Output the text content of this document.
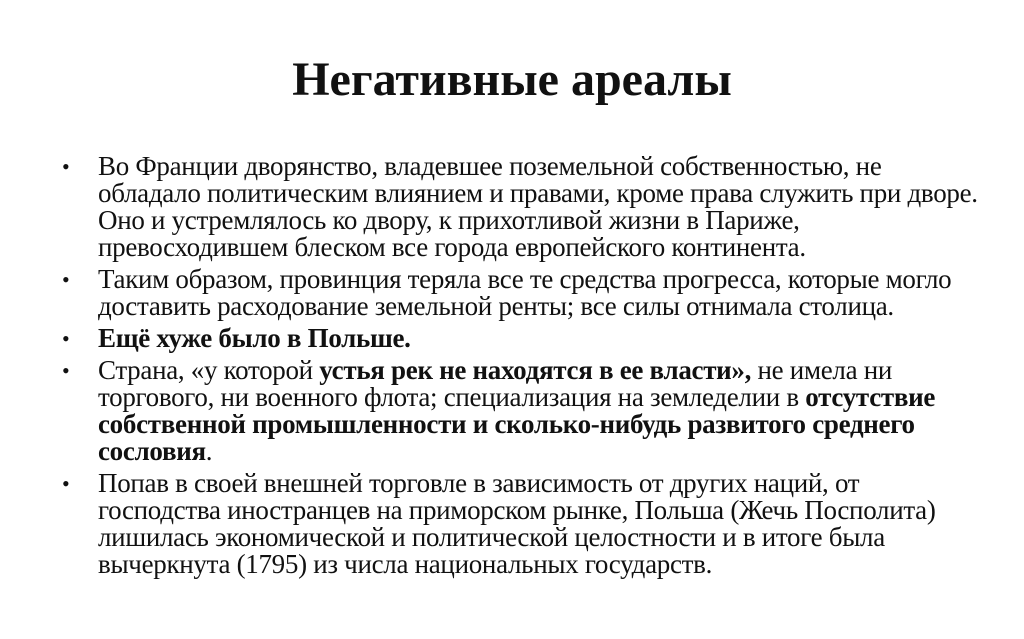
Негативные ареалы
• Во Франции дворянство, владевшее поземельной собственностью, не
обладало политическим влиянием и правами, кроме права служить при дворе.
Оно и устремлялось ко двору, к прихотливой жизни в Париже,
превосходившем блеском все города европейского континента.
• Таким образом, провинция теряла все те средства прогресса, которые могло
доставить расходование земельной ренты; все силы отнимала столица.
• Ещё хуже было в Польше.
• Страна, «у которой устья рек не находятся в ее власти», не имела ни
торгового, ни военного флота; специализация на земледелии в отсутствие
собственной промышленности и сколько-нибудь развитого среднего
сословия.
• Попав в своей внешней торговле в зависимость от других наций, от
господства иностранцев на приморском рынке, Польша (Жечь Посполита)
лишилась экономической и политической целостности и в итоге была
вычеркнута (1795) из числа национальных государств.
